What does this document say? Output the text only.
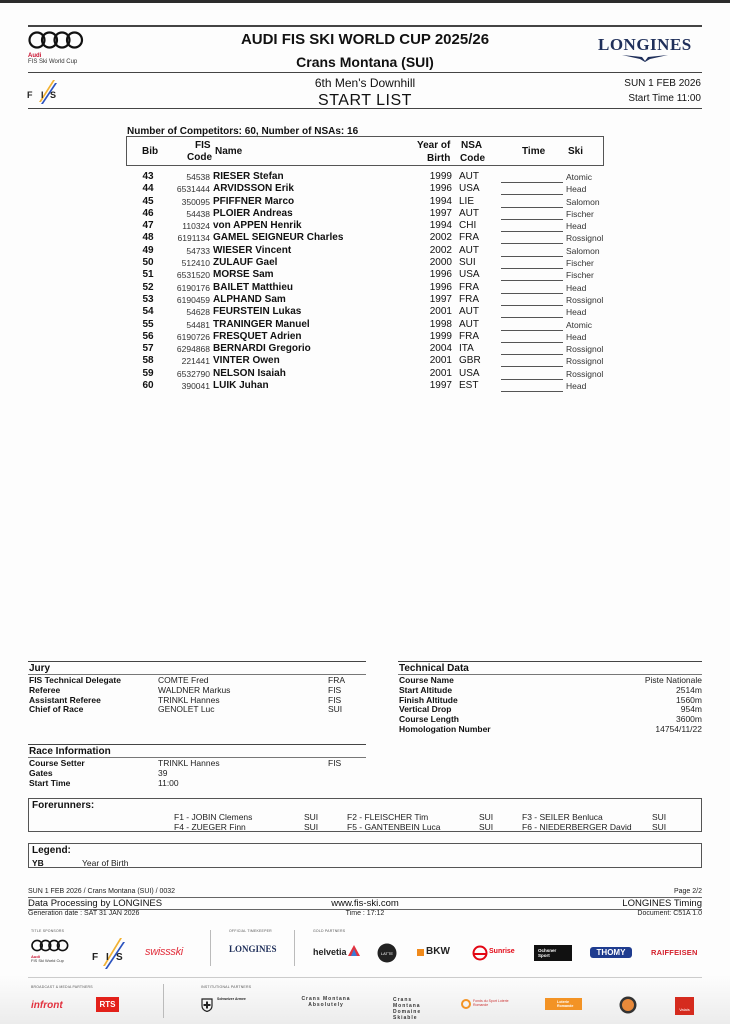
Audi
FIS Ski World Cup
AUDI FIS SKI WORLD CUP 2025/26
Crans Montana (SUI)
LONGINES
F I S
6th Men's Downhill
START LIST
SUN 1 FEB 2026
Start Time 11:00
Number of Competitors: 60, Number of NSAs: 16
Bib
FIS
Code
Name
Year of
Birth
NSA
Code
Time Ski
43	54538 RIESER Stefan	1999 AUT	Atomic
44	6531444 ARVIDSSON Erik	1996 USA	Head
45	350095 PFIFFNER Marco	1994 LIE	Salomon
46	54438 PLOIER Andreas	1997 AUT	Fischer
47	110324 von APPEN Henrik	1994 CHI	Head
48	6191134 GAMEL SEIGNEUR Charles	2002 FRA	Rossignol
49	54733 WIESER Vincent	2002 AUT	Salomon
50	512410 ZULAUF Gael	2000 SUI	Fischer
51	6531520 MORSE Sam	1996 USA	Fischer
52	6190176 BAILET Matthieu	1996 FRA	Head
53	6190459 ALPHAND Sam	1997 FRA	Rossignol
54	54628 FEURSTEIN Lukas	2001 AUT	Head
55	54481 TRANINGER Manuel	1998 AUT	Atomic
56	6190726 FRESQUET Adrien	1999 FRA	Head
57	6294868 BERNARDI Gregorio	2004 ITA	Rossignol
58	221441 VINTER Owen	2001 GBR	Rossignol
59	6532790 NELSON Isaiah	2001 USA	Rossignol
60	390041 LUIK Juhan	1997 EST	Head
Jury
FIS Technical Delegate	COMTE Fred	FRA
Referee	WALDNER Markus	FIS
Assistant Referee	TRINKL Hannes	FIS
Chief of Race	GENOLET Luc	SUI
Technical Data
Course Name	Piste Nationale
Start Altitude	2514m
Finish Altitude	1560m
Vertical Drop	954m
Course Length	3600m
Homologation Number	14754/11/22
Race Information
Course Setter	TRINKL Hannes	FIS
Gates	39
Start Time	11:00
Forerunners:
F1 - JOBIN Clemens	SUI	F2 - FLEISCHER Tim	SUI	F3 - SEILER Benluca	SUI
F4 - ZUEGER Finn	SUI	F5 - GANTENBEIN Luca	SUI	F6 - NIEDERBERGER David SUI
Legend:
YB	Year of Birth
SUN 1 FEB 2026 / Crans Montana (SUI) / 0032	Page 2/2
Data Processing by LONGINES	www.fis-ski.com	LONGINES Timing
Generation date : SAT 31 JAN 2026	Time : 17:12	Document: C51A 1.0
TITLE SPONSORS	OFFICIAL TIMEKEEPER	GOLD PARTNERS
Audi
FIS Ski World Cup	F I S swissski	LONGINES	helvetia	LATTE	BKW	Sunrise	Ochsner Sport	THOMY	RAIFFEISEN
BROADCAST & MEDIA PARTNERS	INSTITUTIONAL PARTNERS
infront	RTS
Schweizer Armee	Crans Montana Absolutely
Crans Montana Domaine Skiable
Fonds du Sport Loterie Romande
Loterie Romande
Valais
